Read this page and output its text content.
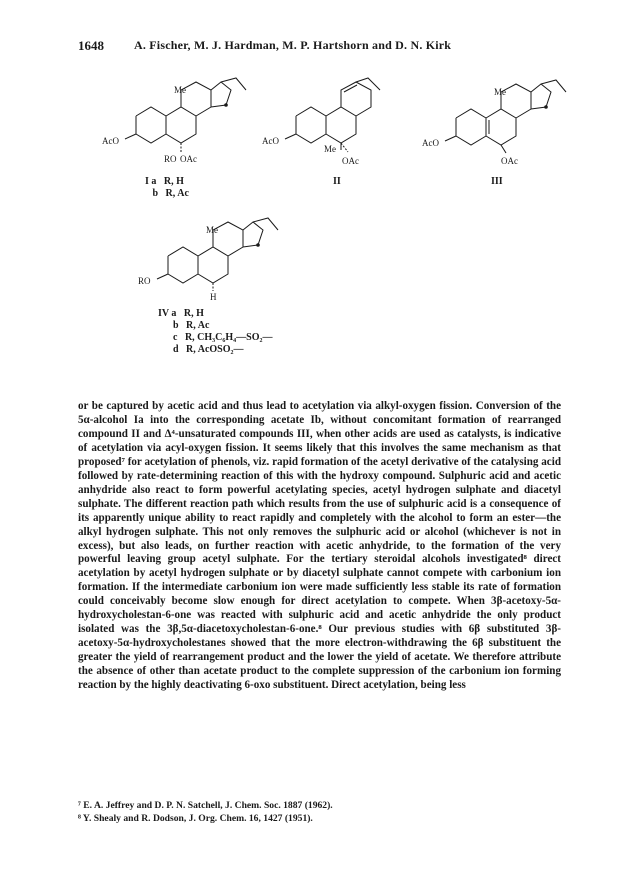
1648	A. Fischer, M. J. Hardman, M. P. Hartshorn and D. N. Kirk
Me
AcO
RO OAc
AcO
Me
OAc
Me
AcO
OAc
Me
RO
H
I a   R, H
b   R, Ac
II	III
IV a   R, H
b   R, Ac
c   R, CH₃C₆H₄—SO₂—
d   R, AcOSO₂—

or be captured by acetic acid and thus lead to acetylation via alkyl-oxygen fission. Conversion of the 5α-alcohol Ia into the corresponding acetate Ib, without concomitant formation of rearranged compound II and Δ⁴-unsaturated compounds III, when other acids are used as catalysts, is indicative of acetylation via acyl-oxygen fission. It seems likely that this involves the same mechanism as that proposed⁷ for acetylation of phenols, viz. rapid formation of the acetyl derivative of the catalysing acid followed by rate-determining reaction of this with the hydroxy compound. Sulphuric acid and acetic anhydride also react to form powerful acetylating species, acetyl hydrogen sulphate and diacetyl sulphate. The different reaction path which results from the use of sulphuric acid is a consequence of its apparently unique ability to react rapidly and completely with the alcohol to form an ester—the alkyl hydrogen sulphate. This not only removes the sulphuric acid or alcohol (whichever is not in excess), but also leads, on further reaction with acetic anhydride, to the formation of the very powerful leaving group acetyl sulphate. For the tertiary steroidal alcohols investigated⁸ direct acetylation by acetyl hydrogen sulphate or by diacetyl sulphate cannot compete with carbonium ion formation. If the intermediate carbonium ion were made sufficiently less stable its rate of formation could conceivably become slow enough for direct acetylation to compete. When 3β-acetoxy-5α-hydroxycholestan-6-one was reacted with sulphuric acid and acetic anhydride the only product isolated was the 3β,5α-diacetoxycholestan-6-one.⁸ Our previous studies with 6β substituted 3β-acetoxy-5α-hydroxycholestanes showed that the more electron-withdrawing the 6β substituent the greater the yield of rearrangement product and the lower the yield of acetate. We therefore attribute the absence of other than acetate product to the complete suppression of the carbonium ion forming reaction by the highly deactivating 6-oxo substituent. Direct acetylation, being less

⁷ E. A. Jeffrey and D. P. N. Satchell, J. Chem. Soc. 1887 (1962).
⁸ Y. Shealy and R. Dodson, J. Org. Chem. 16, 1427 (1951).
